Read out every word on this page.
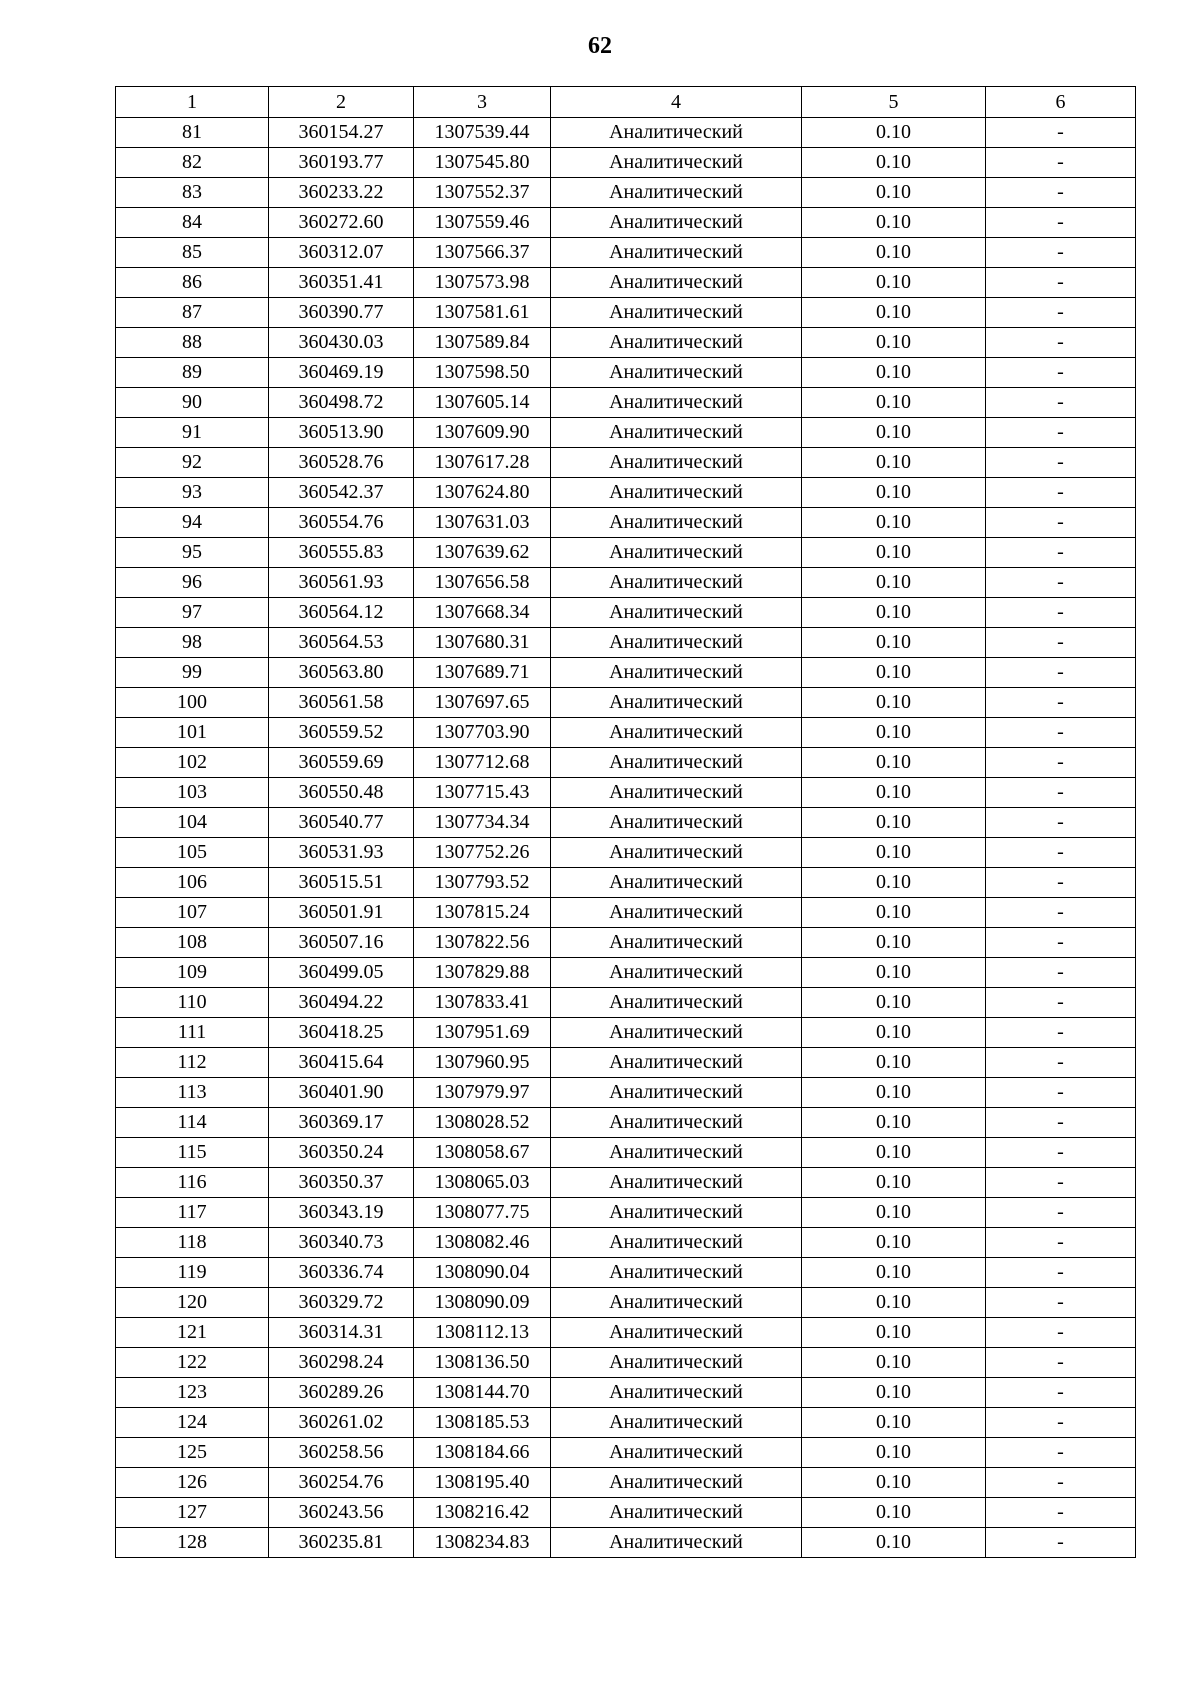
62
1	2	3	4	5	6
81	360154.27	1307539.44	Аналитический	0.10	-
82	360193.77	1307545.80	Аналитический	0.10	-
83	360233.22	1307552.37	Аналитический	0.10	-
84	360272.60	1307559.46	Аналитический	0.10	-
85	360312.07	1307566.37	Аналитический	0.10	-
86	360351.41	1307573.98	Аналитический	0.10	-
87	360390.77	1307581.61	Аналитический	0.10	-
88	360430.03	1307589.84	Аналитический	0.10	-
89	360469.19	1307598.50	Аналитический	0.10	-
90	360498.72	1307605.14	Аналитический	0.10	-
91	360513.90	1307609.90	Аналитический	0.10	-
92	360528.76	1307617.28	Аналитический	0.10	-
93	360542.37	1307624.80	Аналитический	0.10	-
94	360554.76	1307631.03	Аналитический	0.10	-
95	360555.83	1307639.62	Аналитический	0.10	-
96	360561.93	1307656.58	Аналитический	0.10	-
97	360564.12	1307668.34	Аналитический	0.10	-
98	360564.53	1307680.31	Аналитический	0.10	-
99	360563.80	1307689.71	Аналитический	0.10	-
100	360561.58	1307697.65	Аналитический	0.10	-
101	360559.52	1307703.90	Аналитический	0.10	-
102	360559.69	1307712.68	Аналитический	0.10	-
103	360550.48	1307715.43	Аналитический	0.10	-
104	360540.77	1307734.34	Аналитический	0.10	-
105	360531.93	1307752.26	Аналитический	0.10	-
106	360515.51	1307793.52	Аналитический	0.10	-
107	360501.91	1307815.24	Аналитический	0.10	-
108	360507.16	1307822.56	Аналитический	0.10	-
109	360499.05	1307829.88	Аналитический	0.10	-
110	360494.22	1307833.41	Аналитический	0.10	-
111	360418.25	1307951.69	Аналитический	0.10	-
112	360415.64	1307960.95	Аналитический	0.10	-
113	360401.90	1307979.97	Аналитический	0.10	-
114	360369.17	1308028.52	Аналитический	0.10	-
115	360350.24	1308058.67	Аналитический	0.10	-
116	360350.37	1308065.03	Аналитический	0.10	-
117	360343.19	1308077.75	Аналитический	0.10	-
118	360340.73	1308082.46	Аналитический	0.10	-
119	360336.74	1308090.04	Аналитический	0.10	-
120	360329.72	1308090.09	Аналитический	0.10	-
121	360314.31	1308112.13	Аналитический	0.10	-
122	360298.24	1308136.50	Аналитический	0.10	-
123	360289.26	1308144.70	Аналитический	0.10	-
124	360261.02	1308185.53	Аналитический	0.10	-
125	360258.56	1308184.66	Аналитический	0.10	-
126	360254.76	1308195.40	Аналитический	0.10	-
127	360243.56	1308216.42	Аналитический	0.10	-
128	360235.81	1308234.83	Аналитический	0.10	-
